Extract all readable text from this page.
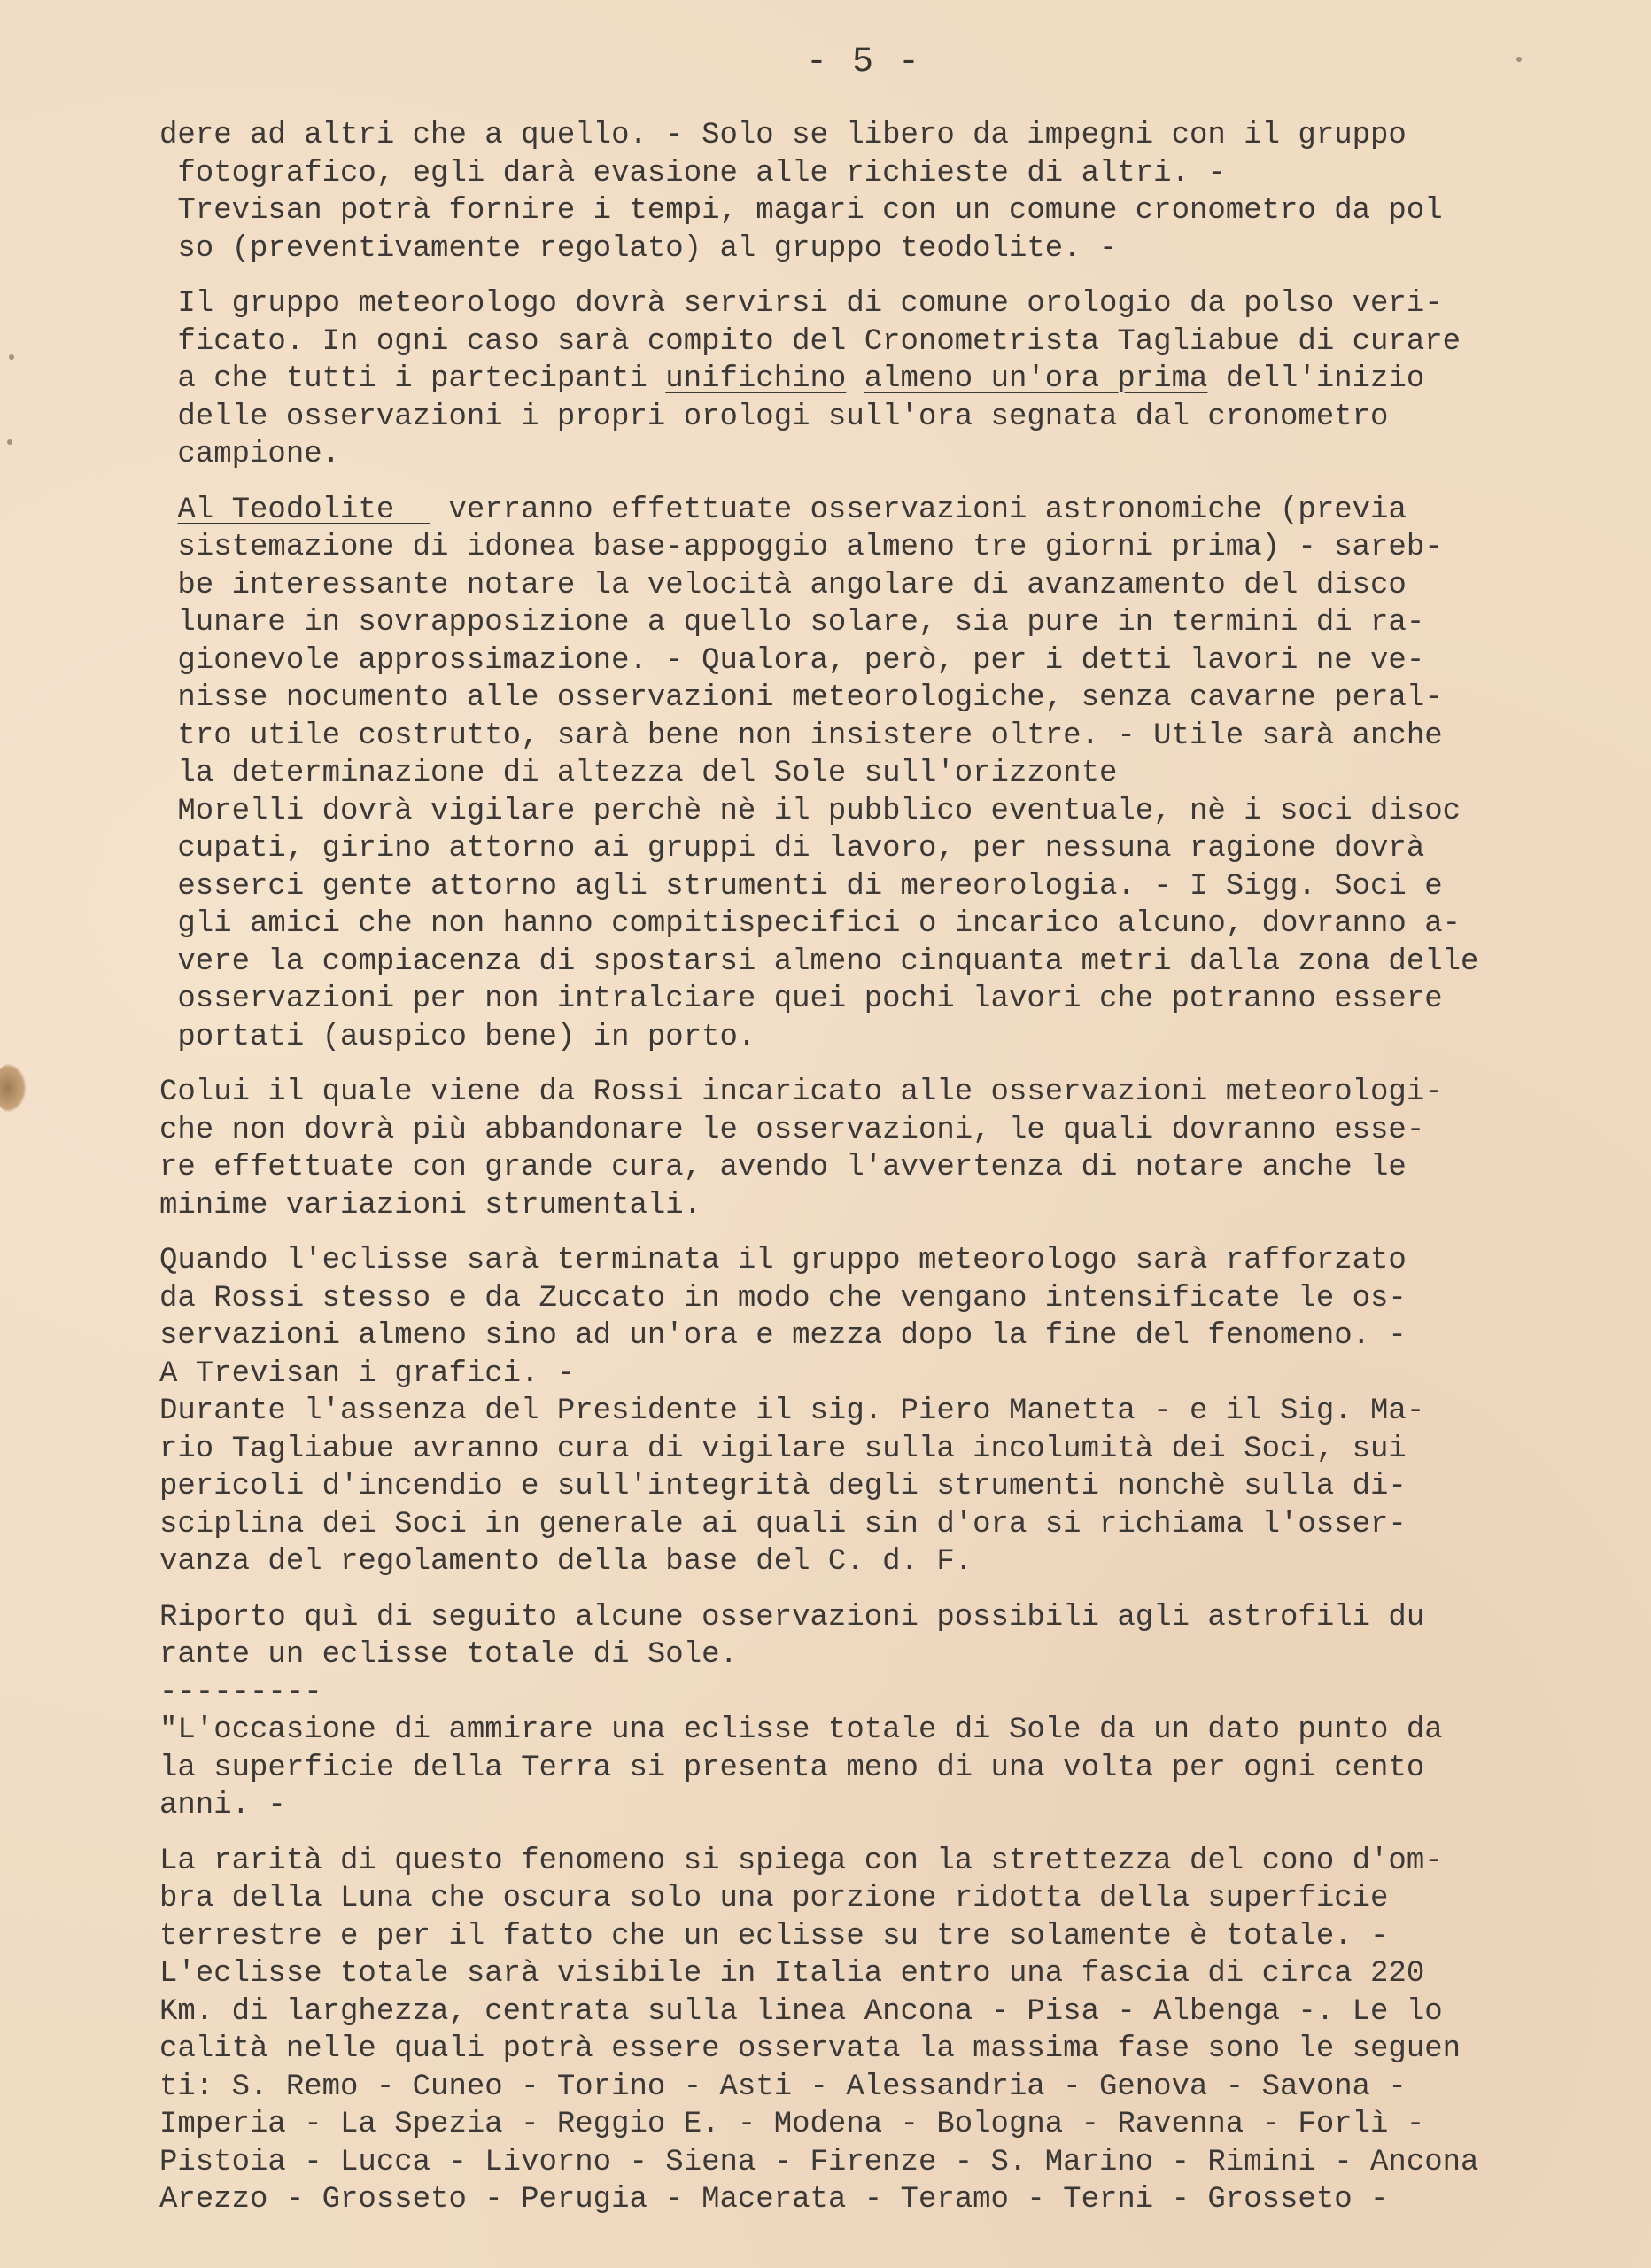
- 5 -
dere ad altri che a quello. - Solo se libero da impegni con il gruppo
fotografico, egli darà evasione alle richieste di altri. -
Trevisan potrà fornire i tempi, magari con un comune cronometro da pol
so (preventivamente regolato) al gruppo teodolite. -
Il gruppo meteorologo dovrà servirsi di comune orologio da polso veri-
ficato. In ogni caso sarà compito del Cronometrista Tagliabue di curare
a che tutti i partecipanti unifichino almeno un'ora prima dell'inizio
delle osservazioni i propri orologi sull'ora segnata dal cronometro
campione.
Al Teodolite   verranno effettuate osservazioni astronomiche (previa
sistemazione di idonea base-appoggio almeno tre giorni prima) - sareb-
be interessante notare la velocità angolare di avanzamento del disco
lunare in sovrapposizione a quello solare, sia pure in termini di ra-
gionevole approssimazione. - Qualora, però, per i detti lavori ne ve-
nisse nocumento alle osservazioni meteorologiche, senza cavarne peral-
tro utile costrutto, sarà bene non insistere oltre. - Utile sarà anche
la determinazione di altezza del Sole sull'orizzonte
Morelli dovrà vigilare perchè nè il pubblico eventuale, nè i soci disoc
cupati, girino attorno ai gruppi di lavoro, per nessuna ragione dovrà
esserci gente attorno agli strumenti di mereorologia. - I Sigg. Soci e
gli amici che non hanno compitispecifici o incarico alcuno, dovranno a-
vere la compiacenza di spostarsi almeno cinquanta metri dalla zona delle
osservazioni per non intralciare quei pochi lavori che potranno essere
portati (auspico bene) in porto.
Colui il quale viene da Rossi incaricato alle osservazioni meteorologi-
che non dovrà più abbandonare le osservazioni, le quali dovranno esse-
re effettuate con grande cura, avendo l'avvertenza di notare anche le
minime variazioni strumentali.
Quando l'eclisse sarà terminata il gruppo meteorologo sarà rafforzato
da Rossi stesso e da Zuccato in modo che vengano intensificate le os-
servazioni almeno sino ad un'ora e mezza dopo la fine del fenomeno. -
A Trevisan i grafici. -
Durante l'assenza del Presidente il sig. Piero Manetta - e il Sig. Ma-
rio Tagliabue avranno cura di vigilare sulla incolumità dei Soci, sui
pericoli d'incendio e sull'integrità degli strumenti nonchè sulla di-
sciplina dei Soci in generale ai quali sin d'ora si richiama l'osser-
vanza del regolamento della base del C. d. F.
Riporto quì di seguito alcune osservazioni possibili agli astrofili du
rante un eclisse totale di Sole.
---------
"L'occasione di ammirare una eclisse totale di Sole da un dato punto da
la superficie della Terra si presenta meno di una volta per ogni cento
anni. -
La rarità di questo fenomeno si spiega con la strettezza del cono d'om-
bra della Luna che oscura solo una porzione ridotta della superficie
terrestre e per il fatto che un eclisse su tre solamente è totale. -
L'eclisse totale sarà visibile in Italia entro una fascia di circa 220
Km. di larghezza, centrata sulla linea Ancona - Pisa - Albenga -. Le lo
calità nelle quali potrà essere osservata la massima fase sono le seguen
ti: S. Remo - Cuneo - Torino - Asti - Alessandria - Genova - Savona -
Imperia - La Spezia - Reggio E. - Modena - Bologna - Ravenna - Forlì -
Pistoia - Lucca - Livorno - Siena - Firenze - S. Marino - Rimini - Ancona
Arezzo - Grosseto - Perugia - Macerata - Teramo - Terni - Grosseto -
